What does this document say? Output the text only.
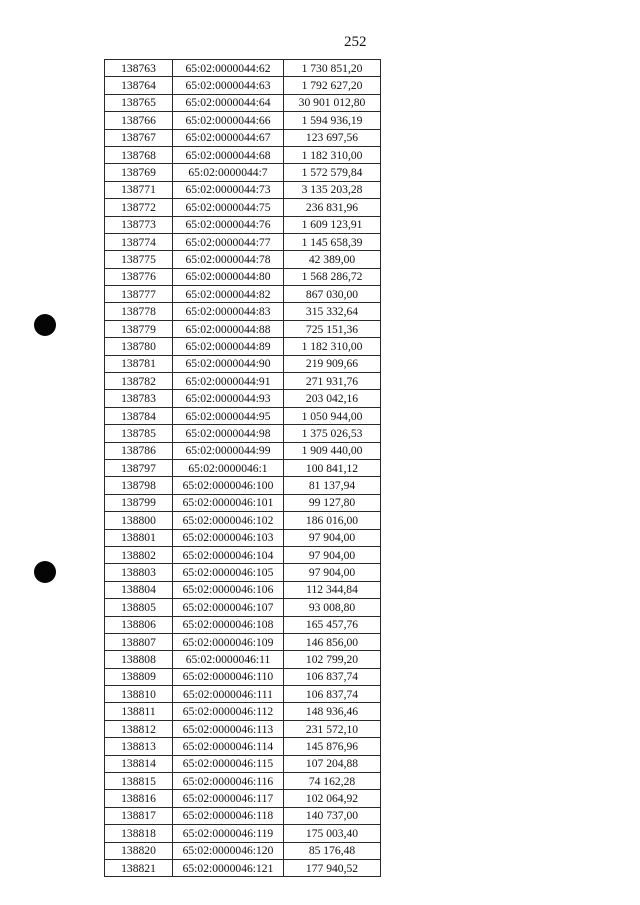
252
138763	65:02:0000044:62	1 730 851,20
138764	65:02:0000044:63	1 792 627,20
138765	65:02:0000044:64	30 901 012,80
138766	65:02:0000044:66	1 594 936,19
138767	65:02:0000044:67	123 697,56
138768	65:02:0000044:68	1 182 310,00
138769	65:02:0000044:7	1 572 579,84
138771	65:02:0000044:73	3 135 203,28
138772	65:02:0000044:75	236 831,96
138773	65:02:0000044:76	1 609 123,91
138774	65:02:0000044:77	1 145 658,39
138775	65:02:0000044:78	42 389,00
138776	65:02:0000044:80	1 568 286,72
138777	65:02:0000044:82	867 030,00
138778	65:02:0000044:83	315 332,64
138779	65:02:0000044:88	725 151,36
138780	65:02:0000044:89	1 182 310,00
138781	65:02:0000044:90	219 909,66
138782	65:02:0000044:91	271 931,76
138783	65:02:0000044:93	203 042,16
138784	65:02:0000044:95	1 050 944,00
138785	65:02:0000044:98	1 375 026,53
138786	65:02:0000044:99	1 909 440,00
138797	65:02:0000046:1	100 841,12
138798	65:02:0000046:100	81 137,94
138799	65:02:0000046:101	99 127,80
138800	65:02:0000046:102	186 016,00
138801	65:02:0000046:103	97 904,00
138802	65:02:0000046:104	97 904,00
138803	65:02:0000046:105	97 904,00
138804	65:02:0000046:106	112 344,84
138805	65:02:0000046:107	93 008,80
138806	65:02:0000046:108	165 457,76
138807	65:02:0000046:109	146 856,00
138808	65:02:0000046:11	102 799,20
138809	65:02:0000046:110	106 837,74
138810	65:02:0000046:111	106 837,74
138811	65:02:0000046:112	148 936,46
138812	65:02:0000046:113	231 572,10
138813	65:02:0000046:114	145 876,96
138814	65:02:0000046:115	107 204,88
138815	65:02:0000046:116	74 162,28
138816	65:02:0000046:117	102 064,92
138817	65:02:0000046:118	140 737,00
138818	65:02:0000046:119	175 003,40
138820	65:02:0000046:120	85 176,48
138821	65:02:0000046:121	177 940,52
